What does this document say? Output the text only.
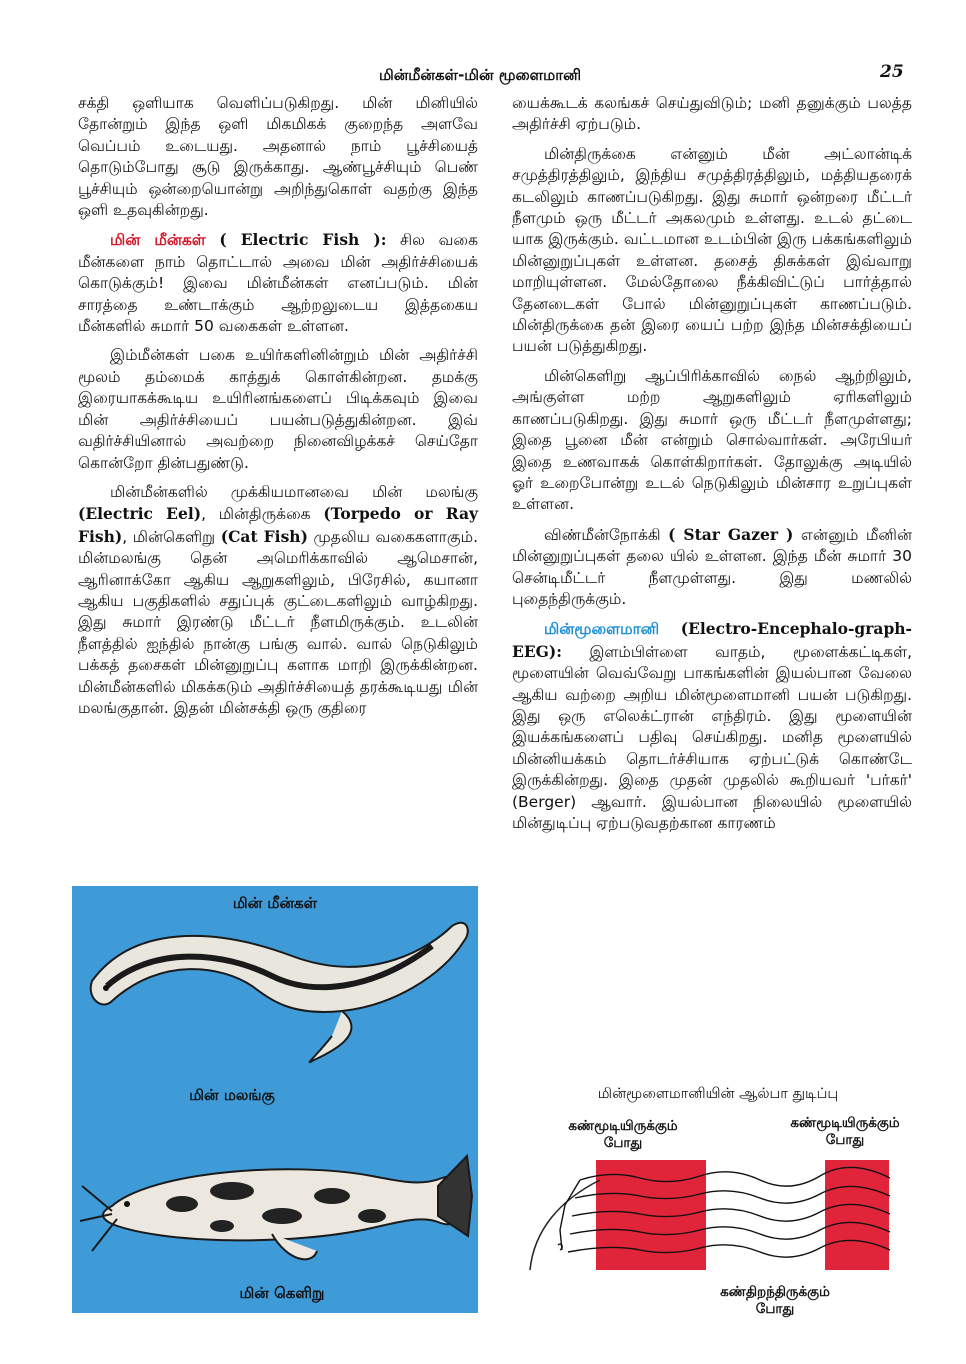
மின்மீன்கள்-மின் மூளைமானி	25

சக்தி ஒளியாக வெளிப்படுகிறது. மின் மினியில் தோன்றும் இந்த ஒளி மிகமிகக் குறைந்த அளவே வெப்பம் உடையது. அதனால் நாம் பூச்சியைத் தொடும்போது சூடு இருக்காது. ஆண்பூச்சியும் பெண் பூச்சியும் ஒன்றையொன்று அறிந்துகொள் வதற்கு இந்த ஒளி உதவுகின்றது.

மின் மீன்கள் ( Electric Fish ): சில வகை மீன்களை நாம் தொட்டால் அவை மின் அதிர்ச்சியைக் கொடுக்கும்! இவை மின்மீன்கள் எனப்படும். மின் சாரத்தை உண்டாக்கும் ஆற்றலுடைய இத்தகைய மீன்களில் சுமார் 50 வகைகள் உள்ளன.

இம்மீன்கள் பகை உயிர்களினின்றும் மின் அதிர்ச்சி மூலம் தம்மைக் காத்துக் கொள்கின்றன. தமக்கு இரையாகக்கூடிய உயிரினங்களைப் பிடிக்கவும் இவை மின் அதிர்ச்சியைப் பயன்படுத்துகின்றன. இவ் வதிர்ச்சியினால் அவற்றை நினைவிழக்கச் செய்தோ கொன்றோ தின்பதுண்டு.

மின்மீன்களில் முக்கியமானவை மின் மலங்கு (Electric Eel), மின்திருக்கை (Torpedo or Ray Fish), மின்கெளிறு (Cat Fish) முதலிய வகைகளாகும். மின்மலங்கு தென் அமெரிக்காவில் ஆமெசான், ஆரினாக்கோ ஆகிய ஆறுகளிலும், பிரேசில், கயானா ஆகிய பகுதிகளில் சதுப்புக் குட்டைகளிலும் வாழ்கிறது. இது சுமார் இரண்டு மீட்டர் நீளமிருக்கும். உடலின் நீளத்தில் ஐந்தில் நான்கு பங்கு வால். வால் நெடுகிலும் பக்கத் தசைகள் மின்னுறுப்பு களாக மாறி இருக்கின்றன. மின்மீன்களில் மிகக்கடும் அதிர்ச்சியைத் தரக்கூடியது மின் மலங்குதான். இதன் மின்சக்தி ஒரு குதிரை

மின் மீன்கள்
மின் மலங்கு
மின் கெளிறு

யைக்கூடக் கலங்கச் செய்துவிடும்; மனி தனுக்கும் பலத்த அதிர்ச்சி ஏற்படும்.

மின்திருக்கை என்னும் மீன் அட்லான்டிக் சமுத்திரத்திலும், இந்திய சமுத்திரத்திலும், மத்தியதரைக் கடலிலும் காணப்படுகிறது. இது சுமார் ஒன்றரை மீட்டர் நீளமும் ஒரு மீட்டர் அகலமும் உள்ளது. உடல் தட்டை யாக இருக்கும். வட்டமான உடம்பின் இரு பக்கங்களிலும் மின்னுறுப்புகள் உள்ளன. தசைத் திசுக்கள் இவ்வாறு மாறியுள்ளன. மேல்தோலை நீக்கிவிட்டுப் பார்த்தால் தேனடைகள் போல் மின்னுறுப்புகள் காணப்படும். மின்திருக்கை தன் இரை யைப் பற்ற இந்த மின்சக்தியைப் பயன் படுத்துகிறது.

மின்கெளிறு ஆப்பிரிக்காவில் நைல் ஆற்றிலும், அங்குள்ள மற்ற ஆறுகளிலும் ஏரிகளிலும் காணப்படுகிறது. இது சுமார் ஒரு மீட்டர் நீளமுள்ளது; இதை பூனை மீன் என்றும் சொல்வார்கள். அரேபியர் இதை உணவாகக் கொள்கிறார்கள். தோலுக்கு அடியில் ஓர் உறைபோன்று உடல் நெடுகிலும் மின்சார உறுப்புகள் உள்ளன.

விண்மீன்நோக்கி ( Star Gazer ) என்னும் மீனின் மின்னுறுப்புகள் தலை யில் உள்ளன. இந்த மீன் சுமார் 30 சென்டிமீட்டர் நீளமுள்ளது. இது மணலில் புதைந்திருக்கும்.

மின்மூளைமானி (Electro-Encephalo-graph-EEG): இளம்பிள்ளை வாதம், மூளைக்கட்டிகள், மூளையின் வெவ்வேறு பாகங்களின் இயல்பான வேலை ஆகிய வற்றை அறிய மின்மூளைமானி பயன் படுகிறது. இது ஒரு எலெக்ட்ரான் எந்திரம். இது மூளையின் இயக்கங்களைப் பதிவு செய்கிறது. மனித மூளையில் மின்னியக்கம் தொடர்ச்சியாக ஏற்பட்டுக் கொண்டே இருக்கின்றது. இதை முதன் முதலில் கூறியவர் 'பர்கர்' (Berger) ஆவார். இயல்பான நிலையில் மூளையில் மின்துடிப்பு ஏற்படுவதற்கான காரணம்

மின்மூளைமானியின் ஆல்பா துடிப்பு
கண்மூடியிருக்கும்
போது
கண்மூடியிருக்கும்
போது
கண்திறந்திருக்கும்
போது
